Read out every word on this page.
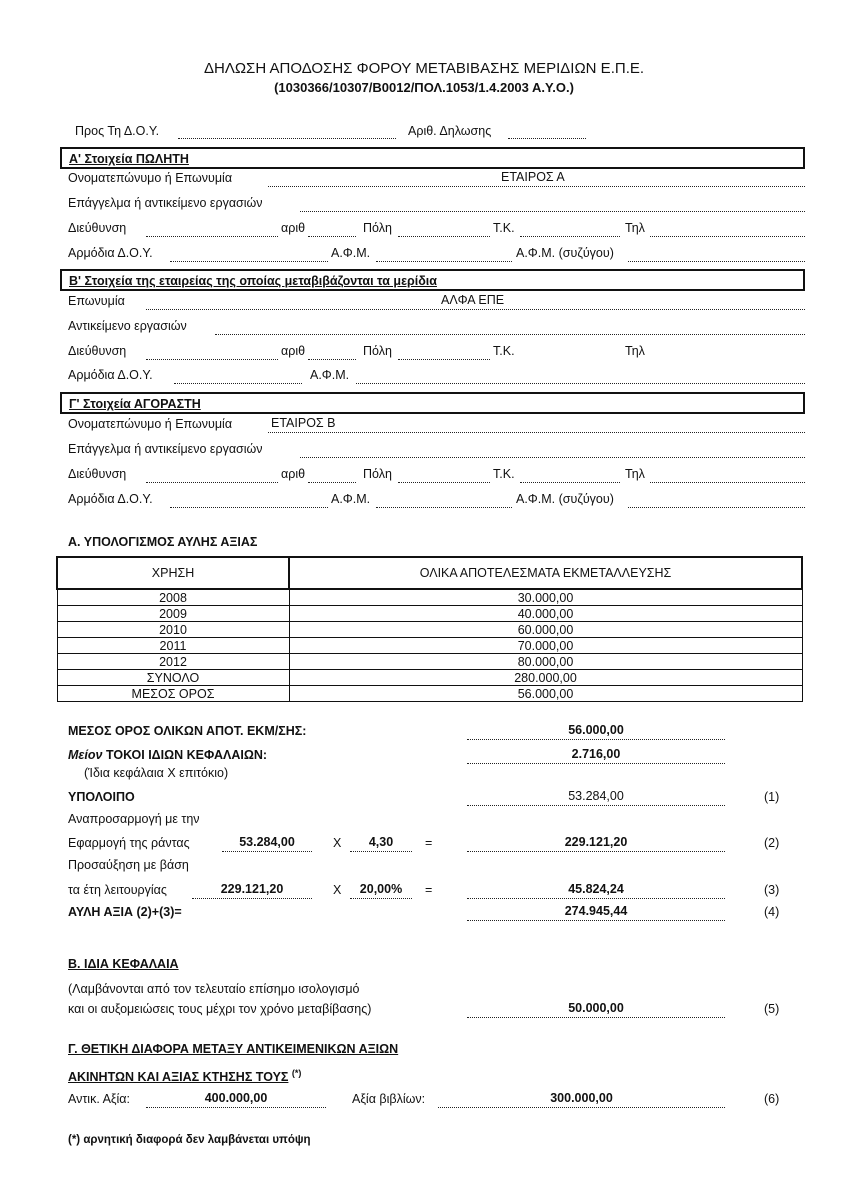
ΔΗΛΩΣΗ ΑΠΟΔΟΣΗΣ ΦΟΡΟΥ ΜΕΤΑΒΙΒΑΣΗΣ ΜΕΡΙΔΙΩΝ Ε.Π.Ε.
(1030366/10307/Β0012/ΠΟΛ.1053/1.4.2003 Α.Υ.Ο.)
Προς Τη Δ.Ο.Υ.	Αριθ. Δηλωσης
Α' Στοιχεία ΠΩΛΗΤΗ
Ονοματεπώνυμο ή Επωνυμία	ΕΤΑΙΡΟΣ Α
Επάγγελμα ή αντικείμενο εργασιών
Διεύθυνση	αριθ	Πόλη	Τ.Κ.	Τηλ
Αρμόδια Δ.Ο.Υ.	Α.Φ.Μ.	Α.Φ.Μ. (συζύγου)
Β' Στοιχεία της εταιρείας της οποίας μεταβιβάζονται τα μερίδια
Επωνυμία	ΑΛΦΑ ΕΠΕ
Αντικείμενο εργασιών
Διεύθυνση	αριθ	Πόλη	Τ.Κ.	Τηλ
Αρμόδια Δ.Ο.Υ.	Α.Φ.Μ.
Γ' Στοιχεία ΑΓΟΡΑΣΤΗ
Ονοματεπώνυμο ή Επωνυμία	ΕΤΑΙΡΟΣ Β
Επάγγελμα ή αντικείμενο εργασιών
Διεύθυνση	αριθ	Πόλη	Τ.Κ.	Τηλ
Αρμόδια Δ.Ο.Υ.	Α.Φ.Μ.	Α.Φ.Μ. (συζύγου)
Α. ΥΠΟΛΟΓΙΣΜΟΣ ΑΥΛΗΣ ΑΞΙΑΣ
ΧΡΗΣΗ	ΟΛΙΚΑ ΑΠΟΤΕΛΕΣΜΑΤΑ ΕΚΜΕΤΑΛΛΕΥΣΗΣ
2008	30.000,00
2009	40.000,00
2010	60.000,00
2011	70.000,00
2012	80.000,00
ΣΥΝΟΛΟ	280.000,00
ΜΕΣΟΣ ΟΡΟΣ	56.000,00
ΜΕΣΟΣ ΟΡΟΣ ΟΛΙΚΩΝ ΑΠΟΤ. ΕΚΜ/ΣΗΣ:	56.000,00
Μείον ΤΟΚΟΙ ΙΔΙΩΝ ΚΕΦΑΛΑΙΩΝ:	2.716,00
(Ίδια κεφάλαια Χ επιτόκιο)
ΥΠΟΛΟΙΠΟ	53.284,00	(1)
Αναπροσαρμογή με την
Εφαρμογή της ράντας	53.284,00	Χ	4,30	=	229.121,20	(2)
Προσαύξηση με βάση
τα έτη λειτουργίας	229.121,20	Χ	20,00%	=	45.824,24	(3)
ΑΥΛΗ ΑΞΙΑ (2)+(3)=	274.945,44	(4)
Β. ΙΔΙΑ ΚΕΦΑΛΑΙΑ
(Λαμβάνονται από τον τελευταίο επίσημο ισολογισμό
και οι αυξομειώσεις τους μέχρι τον χρόνο μεταβίβασης)	50.000,00	(5)
Γ. ΘΕΤΙΚΗ ΔΙΑΦΟΡΑ ΜΕΤΑΞΥ ΑΝΤΙΚΕΙΜΕΝΙΚΩΝ ΑΞΙΩΝ
ΑΚΙΝΗΤΩΝ ΚΑΙ ΑΞΙΑΣ ΚΤΗΣΗΣ ΤΟΥΣ (*)
Αντικ. Αξία:	400.000,00	Αξία βιβλίων:	300.000,00	(6)
(*) αρνητική διαφορά δεν λαμβάνεται υπόψη
